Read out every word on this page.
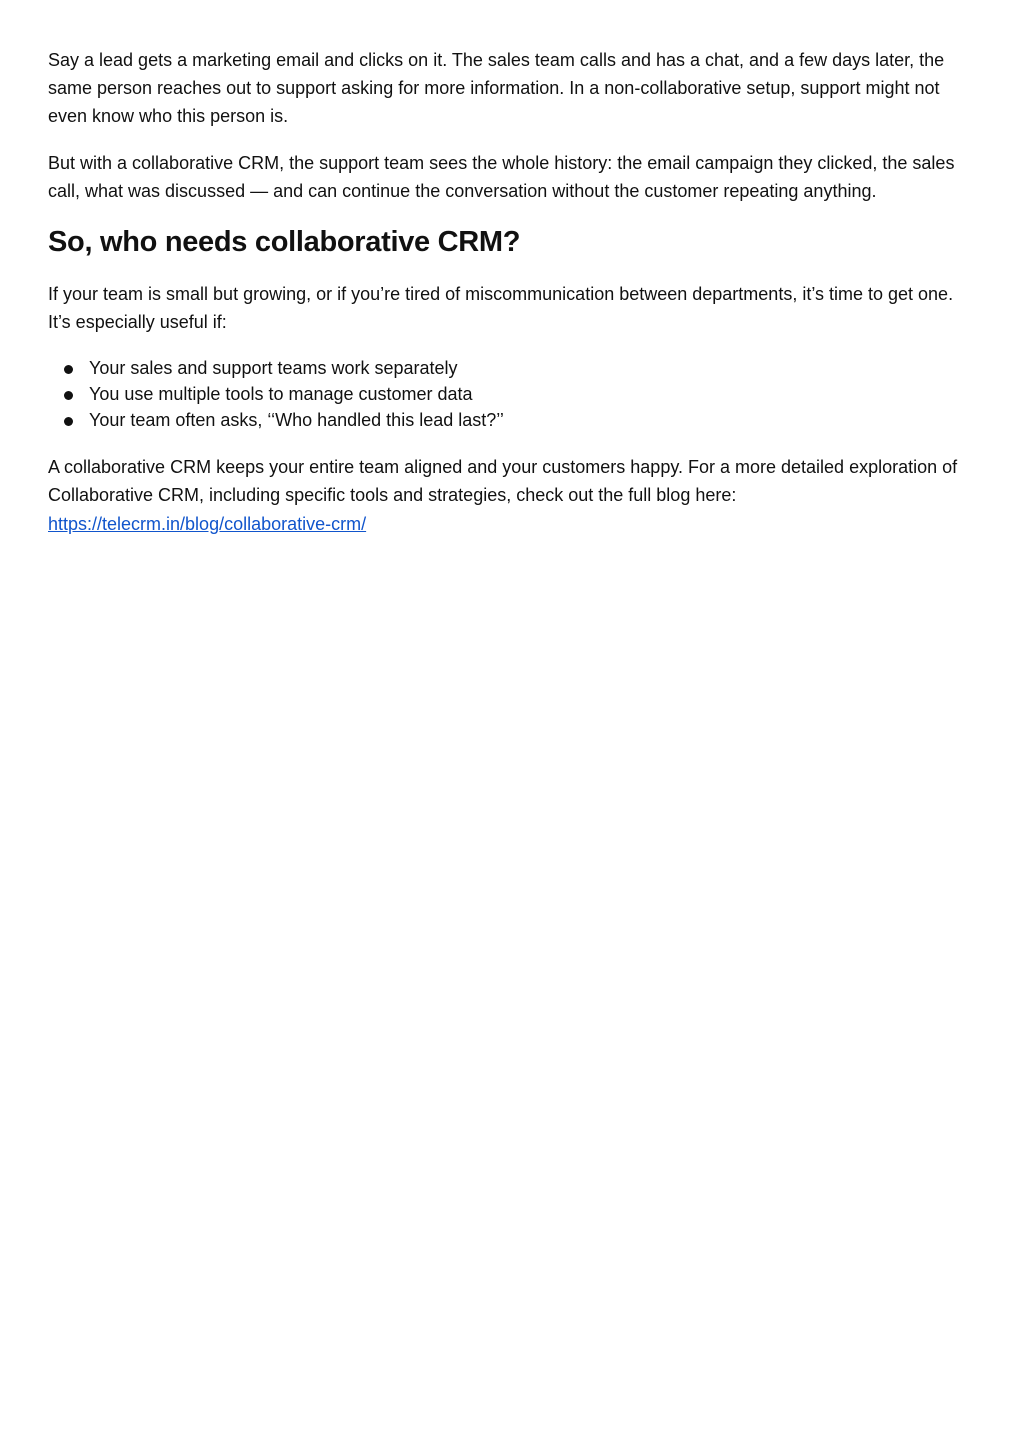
Say a lead gets a marketing email and clicks on it. The sales team calls and has a chat, and a few days later, the same person reaches out to support asking for more information. In a non-collaborative setup, support might not even know who this person is.

But with a collaborative CRM, the support team sees the whole history: the email campaign they clicked, the sales call, what was discussed — and can continue the conversation without the customer repeating anything.

So, who needs collaborative CRM?

If your team is small but growing, or if you’re tired of miscommunication between departments, it’s time to get one. It’s especially useful if:

Your sales and support teams work separately
You use multiple tools to manage customer data
Your team often asks, ‘‘Who handled this lead last?’’

A collaborative CRM keeps your entire team aligned and your customers happy. For a more detailed exploration of Collaborative CRM, including specific tools and strategies, check out the full blog here:
https://telecrm.in/blog/collaborative-crm/
